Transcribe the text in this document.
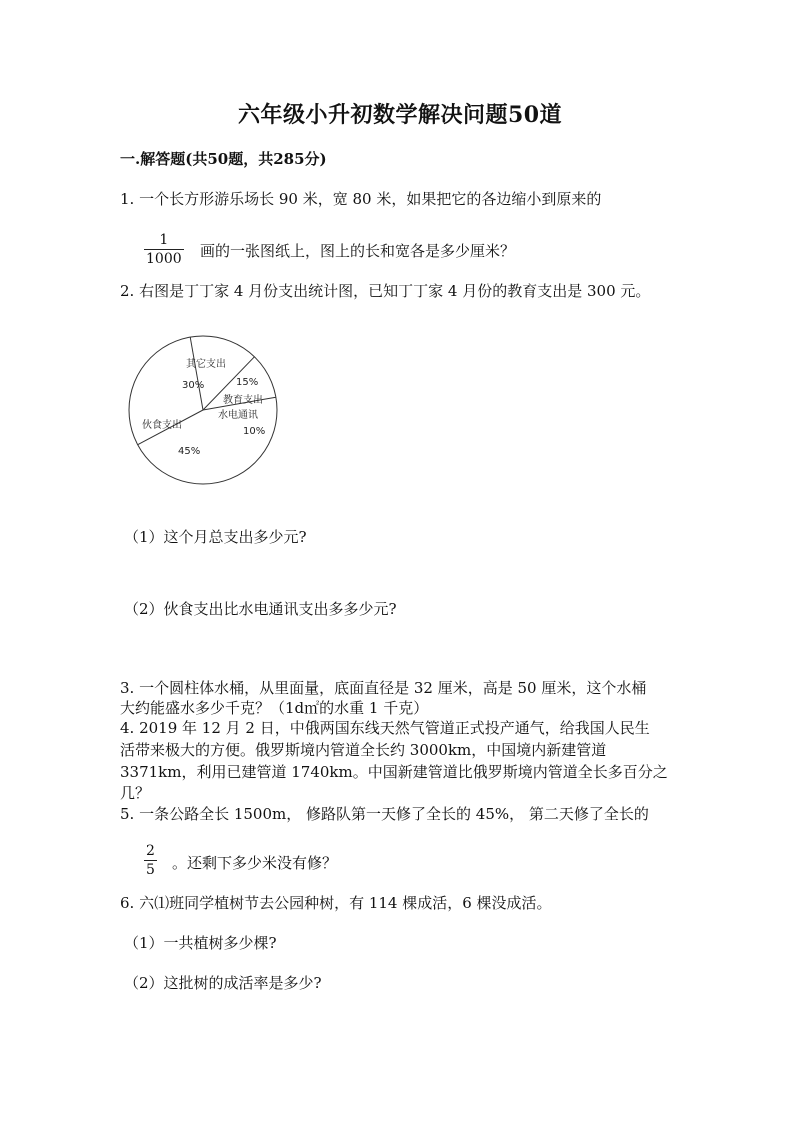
六年级小升初数学解决问题50道
一.解答题(共50题，共285分)
1. 一个长方形游乐场长 90 米，宽 80 米，如果把它的各边缩小到原来的
1
1000 画的一张图纸上，图上的长和宽各是多少厘米？
2. 右图是丁丁家 4 月份支出统计图，已知丁丁家 4 月份的教育支出是 300 元。
其它支出
30%	15%
教育支出
水电通讯
10%
伙食支出
45%
（1）这个月总支出多少元?
（2）伙食支出比水电通讯支出多多少元?
3. 一个圆柱体水桶，从里面量，底面直径是 32 厘米，高是 50 厘米，这个水桶
大约能盛水多少千克？（1d㎡的水重 1 千克）
4. 2019 年 12 月 2 日，中俄两国东线天然气管道正式投产通气，给我国人民生
活带来极大的方便。俄罗斯境内管道全长约 3000km，中国境内新建管道
3371km，利用已建管道 1740km。中国新建管道比俄罗斯境内管道全长多百分之
几？
5. 一条公路全长 1500m， 修路队第一天修了全长的 45%， 第二天修了全长的
2
5 。还剩下多少米没有修？
6. 六⑴班同学植树节去公园种树，有 114 棵成活，6 棵没成活。
（1）一共植树多少棵?
（2）这批树的成活率是多少?
